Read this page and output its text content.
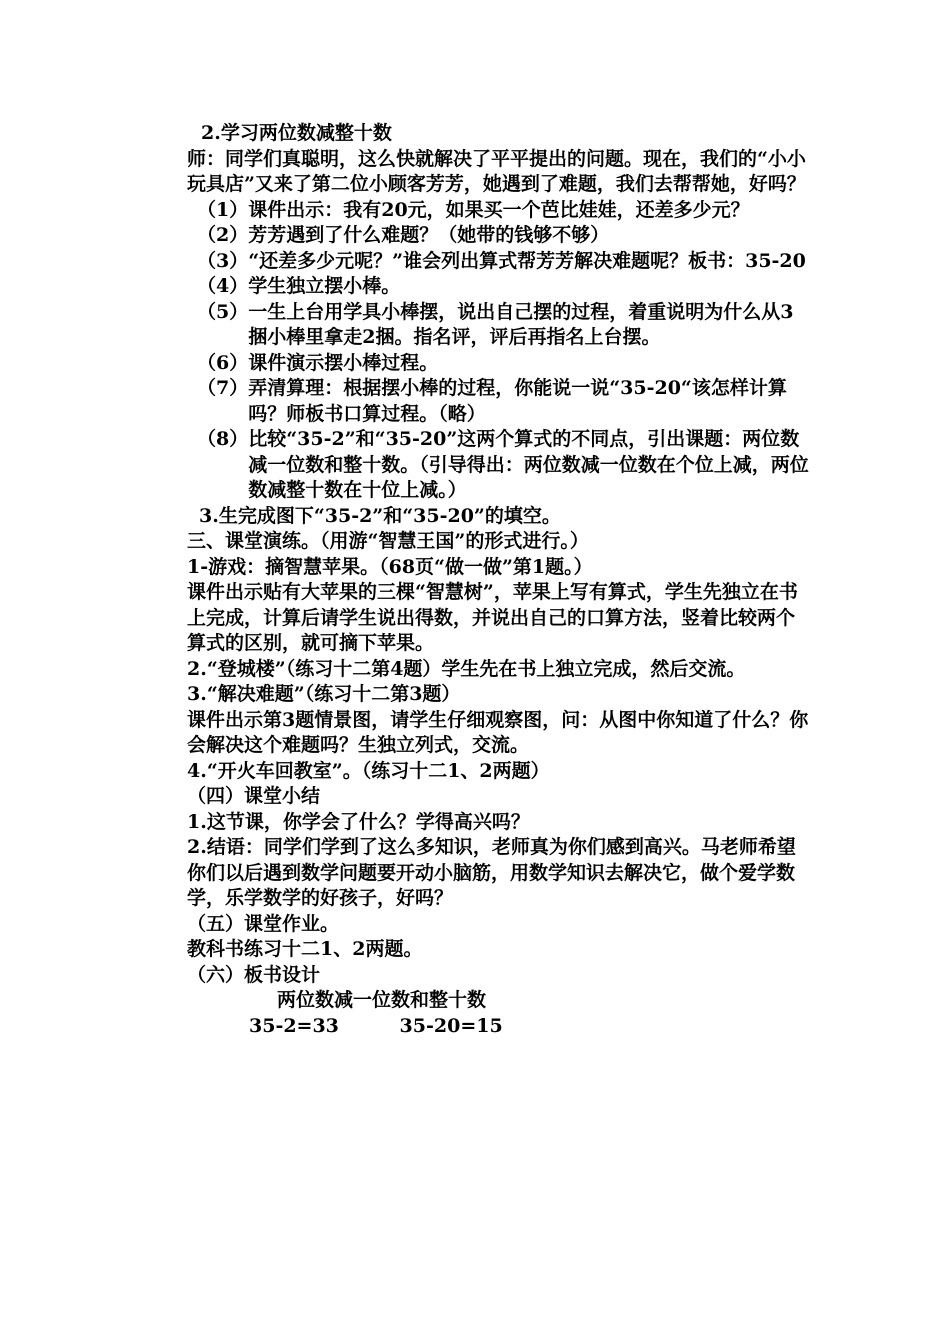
2.学习两位数减整十数
师：同学们真聪明，这么快就解决了平平提出的问题。现在，我们的“小小玩具店”又来了第二位小顾客芳芳，她遇到了难题，我们去帮帮她，好吗？
（1） 课件出示：我有20元，如果买一个芭比娃娃，还差多少元？
（2） 芳芳遇到了什么难题？（她带的钱够不够）
（3） “还差多少元呢？”谁会列出算式帮芳芳解决难题呢？板书：35-20
（4） 学生独立摆小棒。
（5） 一生上台用学具小棒摆，说出自己摆的过程，着重说明为什么从3捆小棒里拿走2捆。指名评，评后再指名上台摆。
（6） 课件演示摆小棒过程。
（7） 弄清算理：根据摆小棒的过程，你能说一说“35-20“该怎样计算吗？师板书口算过程。（略）
（8） 比较“35-2”和“35-20”这两个算式的不同点，引出课题：两位数减一位数和整十数。（引导得出：两位数减一位数在个位上减，两位数减整十数在十位上减。）
3.生完成图下“35-2”和“35-20”的填空。
三、课堂演练。（用游“智慧王国”的形式进行。）
1-游戏：摘智慧苹果。（68页“做一做”第1题。）
课件出示贴有大苹果的三棵“智慧树”，苹果上写有算式，学生先独立在书上完成，计算后请学生说出得数，并说出自己的口算方法，竖着比较两个算式的区别，就可摘下苹果。
2.“登城楼”（练习十二第4题）学生先在书上独立完成，然后交流。
3.“解决难题”（练习十二第3题）
课件出示第3题情景图，请学生仔细观察图，问：从图中你知道了什么？你会解决这个难题吗？生独立列式，交流。
4.“开火车回教室”。（练习十二1、2两题）
（四）课堂小结
1.这节课，你学会了什么？学得高兴吗？
2.结语：同学们学到了这么多知识，老师真为你们感到高兴。马老师希望你们以后遇到数学问题要开动小脑筋，用数学知识去解决它，做个爱学数学，乐学数学的好孩子，好吗？
（五）课堂作业。
教科书练习十二1、2两题。
（六）板书设计
两位数减一位数和整十数
35-2=33	35-20=15
